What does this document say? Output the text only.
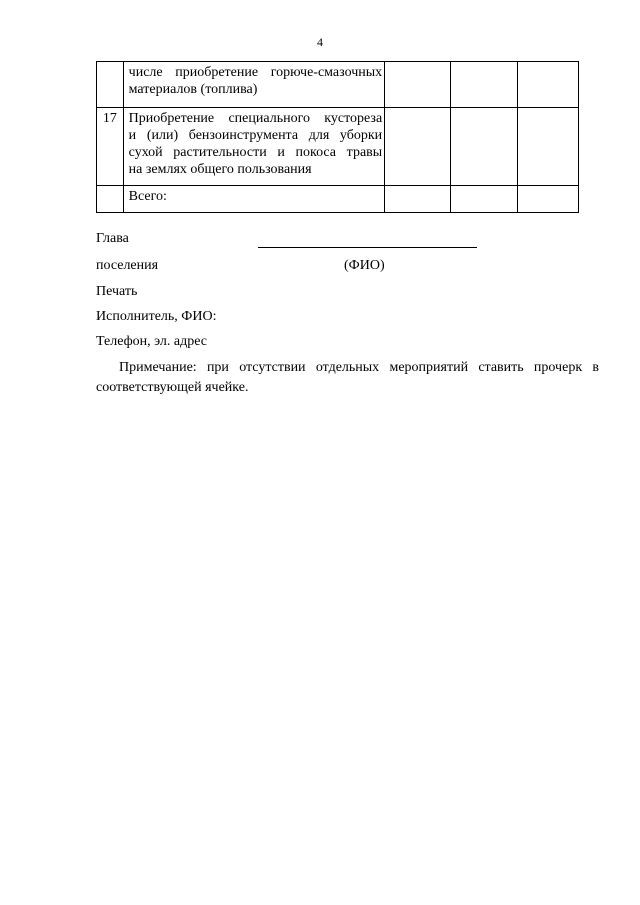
4

	числе приобретение горюче-смазочных
материалов (топлива)			

17	Приобретение специального кустореза
и (или) бензоинструмента для уборки
сухой растительности и покоса травы
на землях общего пользования			

	Всего:			

Глава
поселения	(ФИО)
Печать
Исполнитель, ФИО:
Телефон, эл. адрес
Примечание: при отсутствии отдельных мероприятий ставить прочерк в соответствующей ячейке.
